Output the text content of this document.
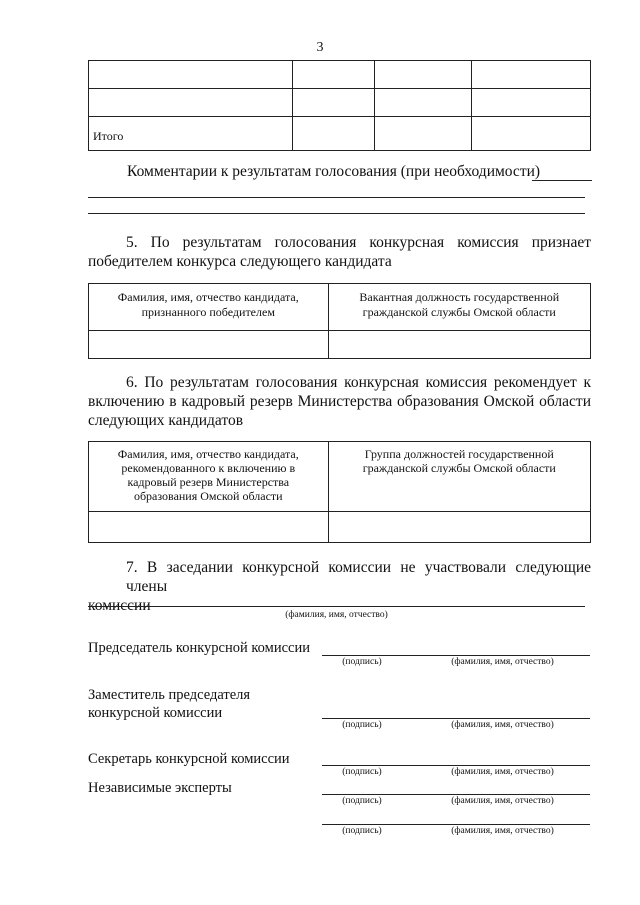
3

Итого			
Комментарии к результатам голосования (при необходимости)
5. По результатам голосования конкурсная комиссия признает
победителем конкурса следующего кандидата
Фамилия, имя, отчество кандидата,
признанного победителем	Вакантная должность государственной
гражданской службы Омской области

6. По результатам голосования конкурсная комиссия рекомендует к
включению в кадровый резерв Министерства образования Омской области
следующих кандидатов
Фамилия, имя, отчество кандидата,
рекомендованного к включению в
кадровый резерв Министерства
образования Омской области	Группа должностей государственной
гражданской службы Омской области

7. В заседании конкурсной комиссии не участвовали следующие члены
комиссии
(фамилия, имя, отчество)
Председатель конкурсной комиссии
(подпись)	(фамилия, имя, отчество)
Заместитель председателя
конкурсной комиссии
(подпись)	(фамилия, имя, отчество)
Секретарь конкурсной комиссии
(подпись)	(фамилия, имя, отчество)
Независимые эксперты
(подпись)	(фамилия, имя, отчество)
(подпись)	(фамилия, имя, отчество)
